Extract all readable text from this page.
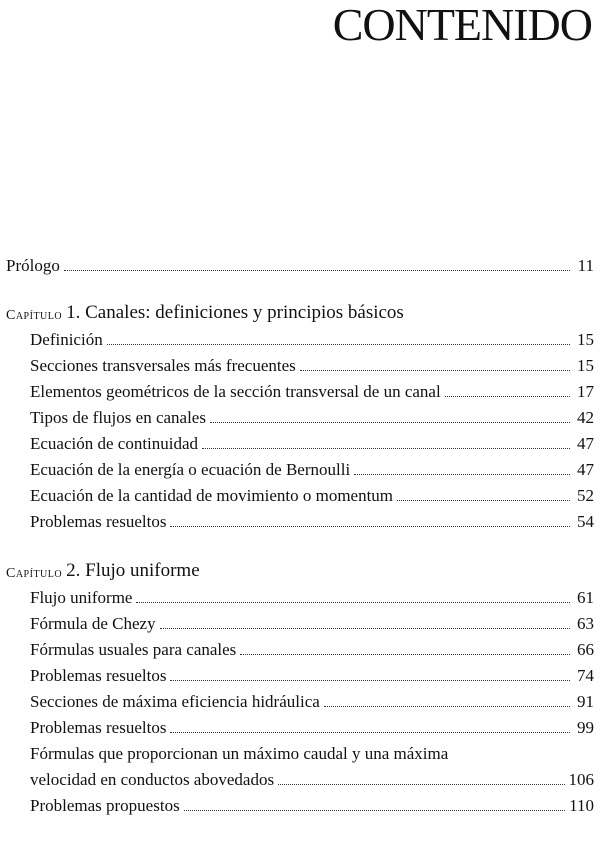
CONTENIDO
Prólogo	11
Capítulo 1.
Canales: definiciones y principios básicos
Definición	15
Secciones transversales más frecuentes	15
Elementos geométricos de la sección transversal de un canal	17
Tipos de flujos en canales	42
Ecuación de continuidad	47
Ecuación de la energía o ecuación de Bernoulli	47
Ecuación de la cantidad de movimiento o momentum	52
Problemas resueltos	54
Capítulo 2.
Flujo uniforme
Flujo uniforme	61
Fórmula de Chezy	63
Fórmulas usuales para canales	66
Problemas resueltos	74
Secciones de máxima eficiencia hidráulica	91
Problemas resueltos	99
Fórmulas que proporcionan un máximo caudal y una máxima
velocidad en conductos abovedados	106
Problemas propuestos	110
